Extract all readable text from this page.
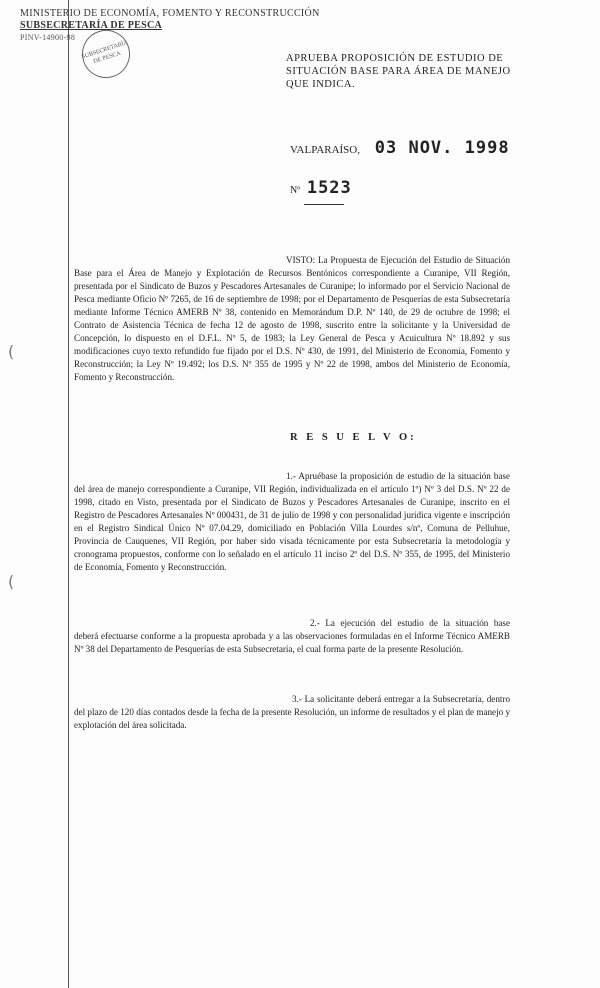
MINISTERIO DE ECONOMÍA, FOMENTO Y RECONSTRUCCIÓN
SUBSECRETARÍA DE PESCA
PINV-14900-98
SUBSECRETARÍA DE PESCA	APRUEBA PROPOSICIÓN DE ESTUDIO DE SITUACIÓN BASE PARA ÁREA DE MANEJO QUE INDICA.
VALPARAÍSO, 03 NOV. 1998
Nº 1523
VISTO: La Propuesta de Ejecución del Estudio de Situación Base para el Área de Manejo y Explotación de Recursos Bentónicos correspondiente a Curanipe, VII Región, presentada por el Sindicato de Buzos y Pescadores Artesanales de Curanipe; lo informado por el Servicio Nacional de Pesca mediante Oficio Nº 7265, de 16 de septiembre de 1998; por el Departamento de Pesquerías de esta Subsecretaría mediante Informe Técnico AMERB Nº 38, contenido en Memorándum D.P. Nº 140, de 29 de octubre de 1998; el Contrato de Asistencia Técnica de fecha 12 de agosto de 1998, suscrito entre la solicitante y la Universidad de Concepción, lo dispuesto en el D.F.L. Nº 5, de 1983; la Ley General de Pesca y Acuicultura Nº 18.892 y sus modificaciones cuyo texto refundido fue fijado por el D.S. Nº 430, de 1991, del Ministerio de Economía, Fomento y Reconstrucción; la Ley Nº 19.492; los D.S. Nº 355 de 1995 y Nº 22 de 1998, ambos del Ministerio de Economía, Fomento y Reconstrucción.
R E S U E L V O:
1.- Apruébase la proposición de estudio de la situación base del área de manejo correspondiente a Curanipe, VII Región, individualizada en el artículo 1º) Nº 3 del D.S. Nº 22 de 1998, citado en Visto, presentada por el Sindicato de Buzos y Pescadores Artesanales de Curanipe, inscrito en el Registro de Pescadores Artesanales Nº 000431, de 31 de julio de 1998 y con personalidad jurídica vigente e inscripción en el Registro Sindical Único Nº 07.04.29, domiciliado en Población Villa Lourdes s/nº, Comuna de Pelluhue, Provincia de Cauquenes, VII Región, por haber sido visada técnicamente por esta Subsecretaría la metodología y cronograma propuestos, conforme con lo señalado en el artículo 11 inciso 2º del D.S. Nº 355, de 1995, del Ministerio de Economía, Fomento y Reconstrucción.
2.- La ejecución del estudio de la situación base deberá efectuarse conforme a la propuesta aprobada y a las observaciones formuladas en el Informe Técnico AMERB Nº 38 del Departamento de Pesquerías de esta Subsecretaría, el cual forma parte de la presente Resolución.
3.- La solicitante deberá entregar a la Subsecretaría, dentro del plazo de 120 días contados desde la fecha de la presente Resolución, un informe de resultados y el plan de manejo y explotación del área solicitada.
(
(
